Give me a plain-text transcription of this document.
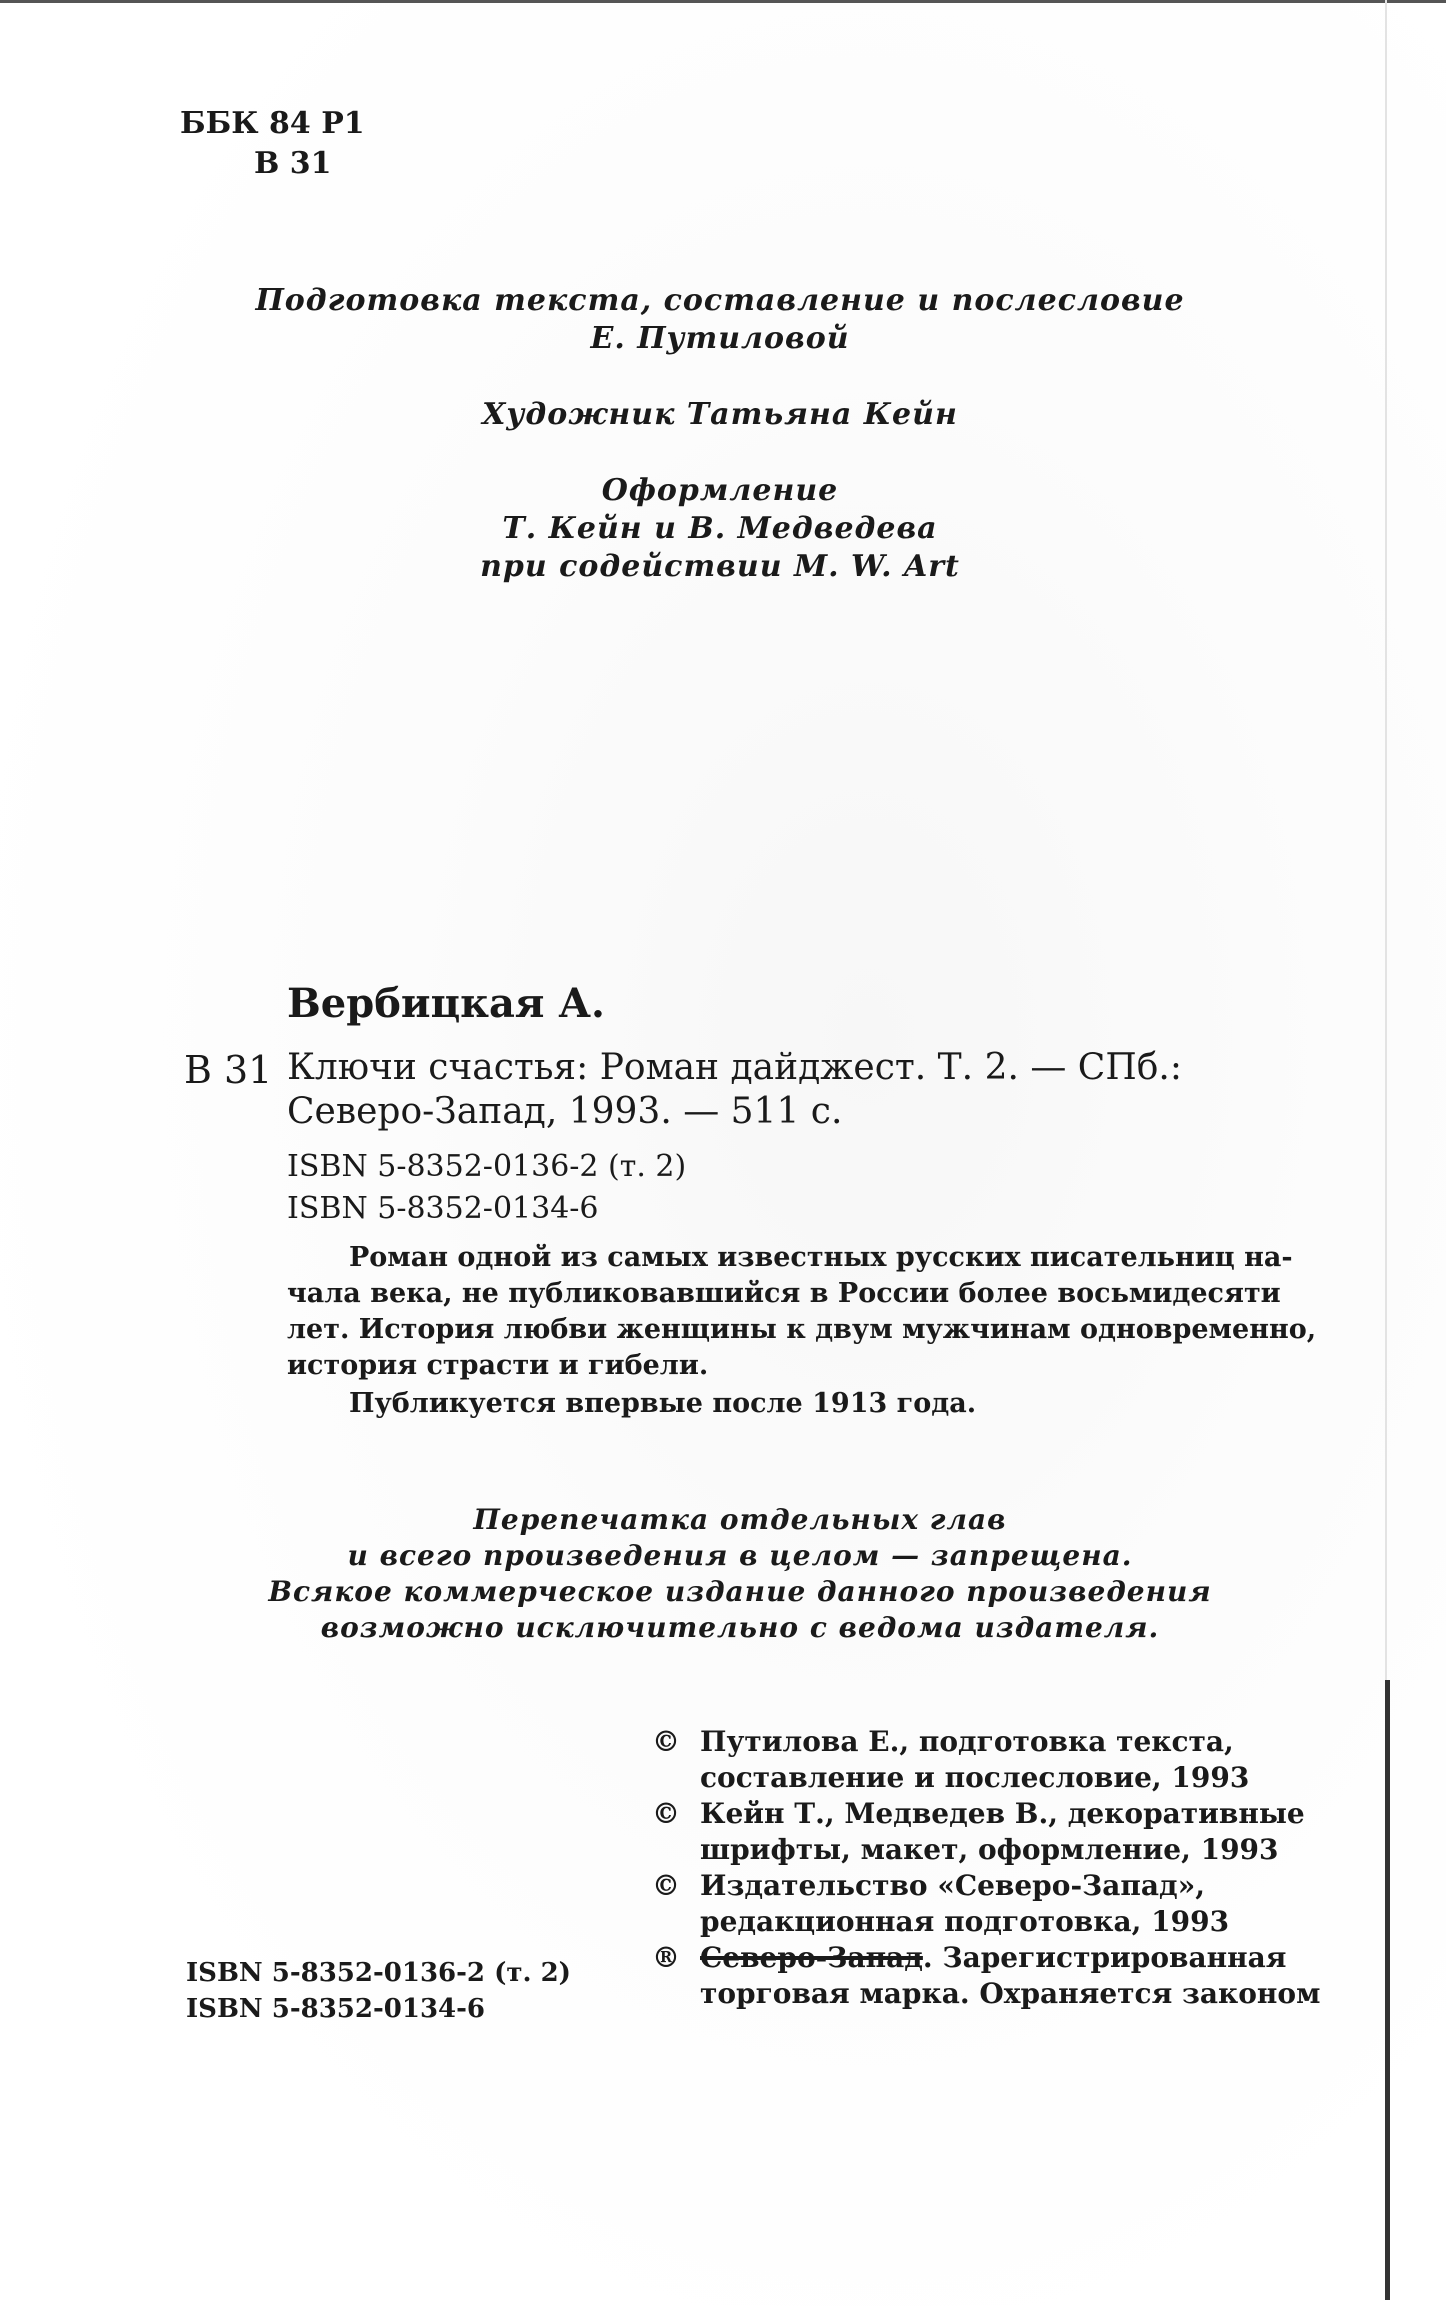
ББК 84 Р1
В 31
Подготовка текста, составление и послесловие
Е. Путиловой
Художник Татьяна Кейн
Оформление
Т. Кейн и В. Медведева
при содействии M. W. Art
Вербицкая А.
В 31 Ключи счастья: Роман дайджест. Т. 2. — СПб.:
Северо-Запад, 1993. — 511 с.
ISBN 5-8352-0136-2 (т. 2)
ISBN 5-8352-0134-6

Роман одной из самых известных русских писательниц на-
чала века, не публиковавшийся в России более восьмидесяти
лет. История любви женщины к двум мужчинам одновременно,
история страсти и гибели.

Публикуется впервые после 1913 года.

Перепечатка отдельных глав
и всего произведения в целом — запрещена.
Всякое коммерческое издание данного произведения
возможно исключительно с ведома издателя.
© Путилова Е., подготовка текста,
составление и послесловие, 1993
© Кейн Т., Медведев В., декоративные
шрифты, макет, оформление, 1993
© Издательство «Северо-Запад»,
редакционная подготовка, 1993
® Северо-Запад. Зарегистрированная
торговая марка. Охраняется законом
ISBN 5-8352-0136-2 (т. 2)
ISBN 5-8352-0134-6
